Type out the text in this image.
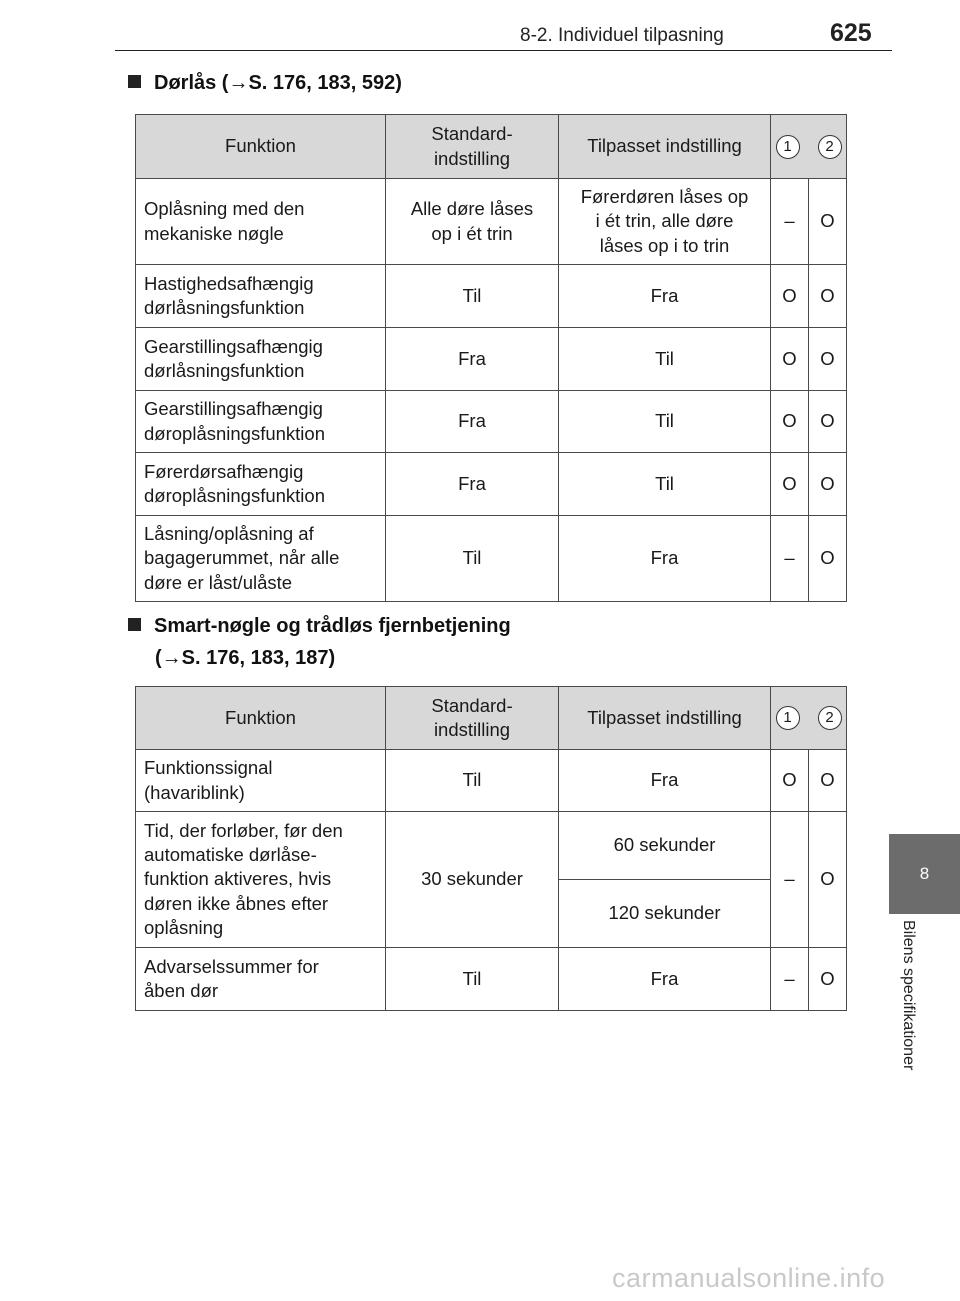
8-2. Individuel tilpasning	625
8
Bilens specifikationer
Dørlås (→S. 176, 183, 592)
Funktion	Standard-
indstilling	Tilpasset indstilling	1 2	

Oplåsning med den
mekaniske nøgle	Alle døre låses
op i ét trin	Førerdøren låses op
i ét trin, alle døre
låses op i to trin	–	O
Hastighedsafhængig
dørlåsningsfunktion	Til	Fra	O	O
Gearstillingsafhængig
dørlåsningsfunktion	Fra	Til	O	O
Gearstillingsafhængig
døroplåsningsfunktion	Fra	Til	O	O
Førerdørsafhængig
døroplåsningsfunktion	Fra	Til	O	O
Låsning/oplåsning af
bagagerummet, når alle
døre er låst/ulåste	Til	Fra	–	O
Smart-nøgle og trådløs fjernbetjening
(→S. 176, 183, 187)
Funktion	Standard-
indstilling	Tilpasset indstilling	1 2	

Funktionssignal
(havariblink)	Til	Fra	O	O
Tid, der forløber, før den
automatiske dørlåse-
funktion aktiveres, hvis
døren ikke åbnes efter
oplåsning	30 sekunder	60 sekunder	–	O
		120 sekunder		
Advarselssummer for
åben dør	Til	Fra	–	O
carmanualsonline.info
